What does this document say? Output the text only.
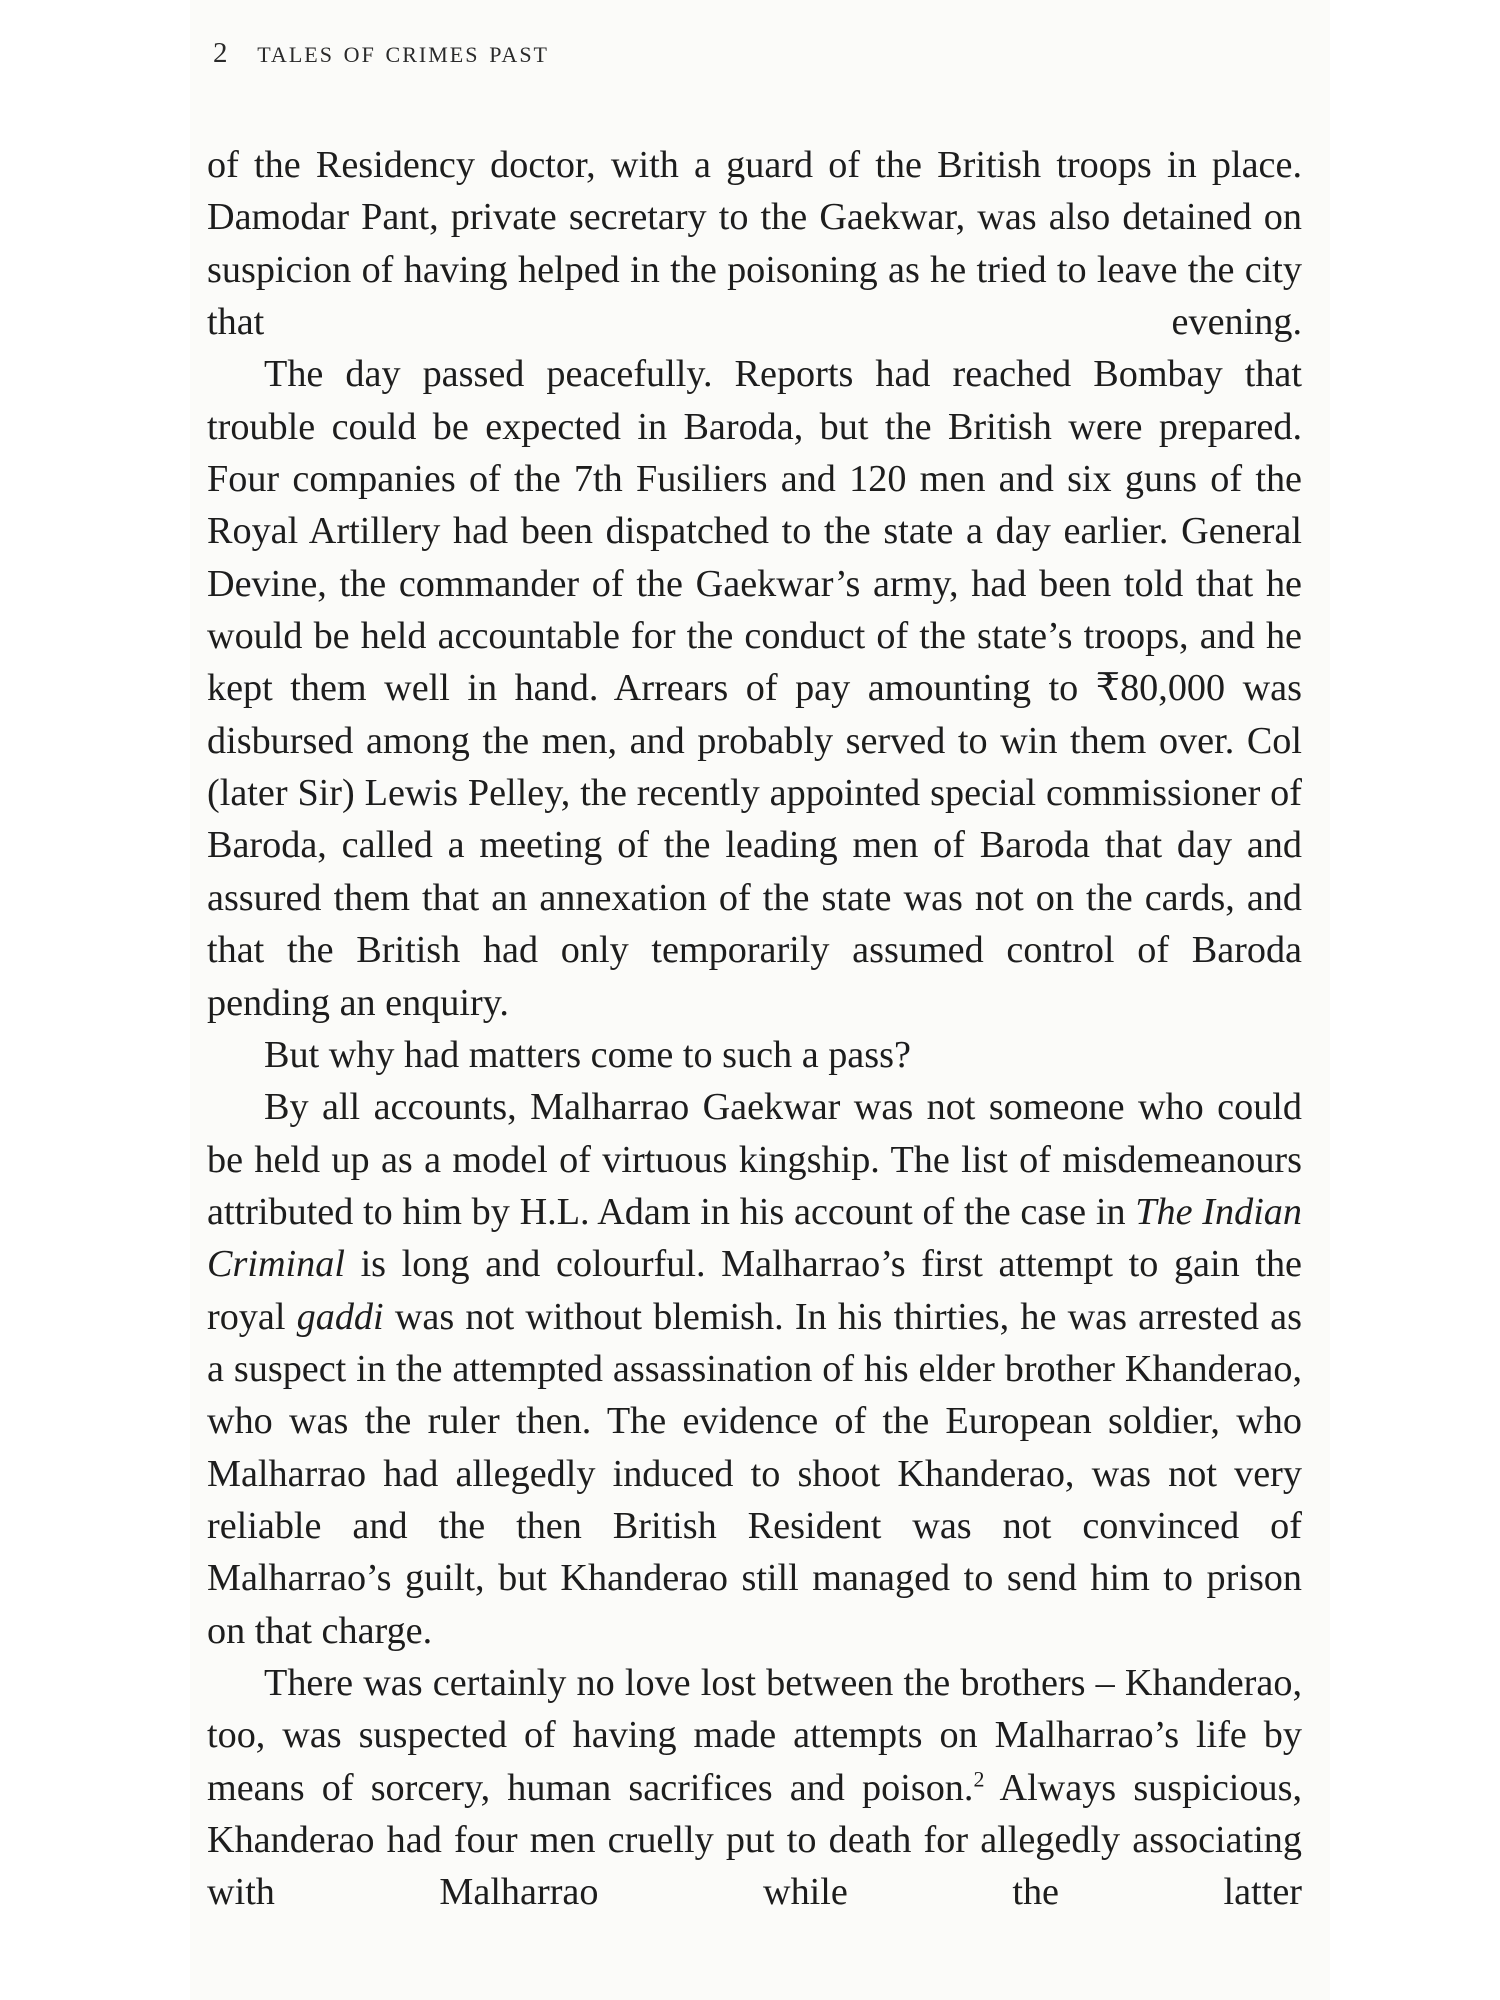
2 tales of crimes past

of the Residency doctor, with a guard of the British troops in place. Damodar Pant, private secretary to the Gaekwar, was also detained on suspicion of having helped in the poisoning as he tried to leave the city that evening.

The day passed peacefully. Reports had reached Bombay that trouble could be expected in Baroda, but the British were prepared. Four companies of the 7th Fusiliers and 120 men and six guns of the Royal Artillery had been dispatched to the state a day earlier. General Devine, the commander of the Gaekwar’s army, had been told that he would be held accountable for the conduct of the state’s troops, and he kept them well in hand. Arrears of pay amounting to ₹80,000 was disbursed among the men, and probably served to win them over. Col (later Sir) Lewis Pelley, the recently appointed special commissioner of Baroda, called a meeting of the leading men of Baroda that day and assured them that an annexation of the state was not on the cards, and that the British had only temporarily assumed control of Baroda pending an enquiry.

But why had matters come to such a pass?

By all accounts, Malharrao Gaekwar was not someone who could be held up as a model of virtuous kingship. The list of misdemeanours attributed to him by H.L. Adam in his account of the case in The Indian Criminal is long and colourful. Malharrao’s first attempt to gain the royal gaddi was not without blemish. In his thirties, he was arrested as a suspect in the attempted assassination of his elder brother Khanderao, who was the ruler then. The evidence of the European soldier, who Malharrao had allegedly induced to shoot Khanderao, was not very reliable and the then British Resident was not convinced of Malharrao’s guilt, but Khanderao still managed to send him to prison on that charge.

There was certainly no love lost between the brothers – Khanderao, too, was suspected of having made attempts on Malharrao’s life by means of sorcery, human sacrifices and poison.$^2$ Always suspicious, Khanderao had four men cruelly put to death for allegedly associating with Malharrao while the latter
